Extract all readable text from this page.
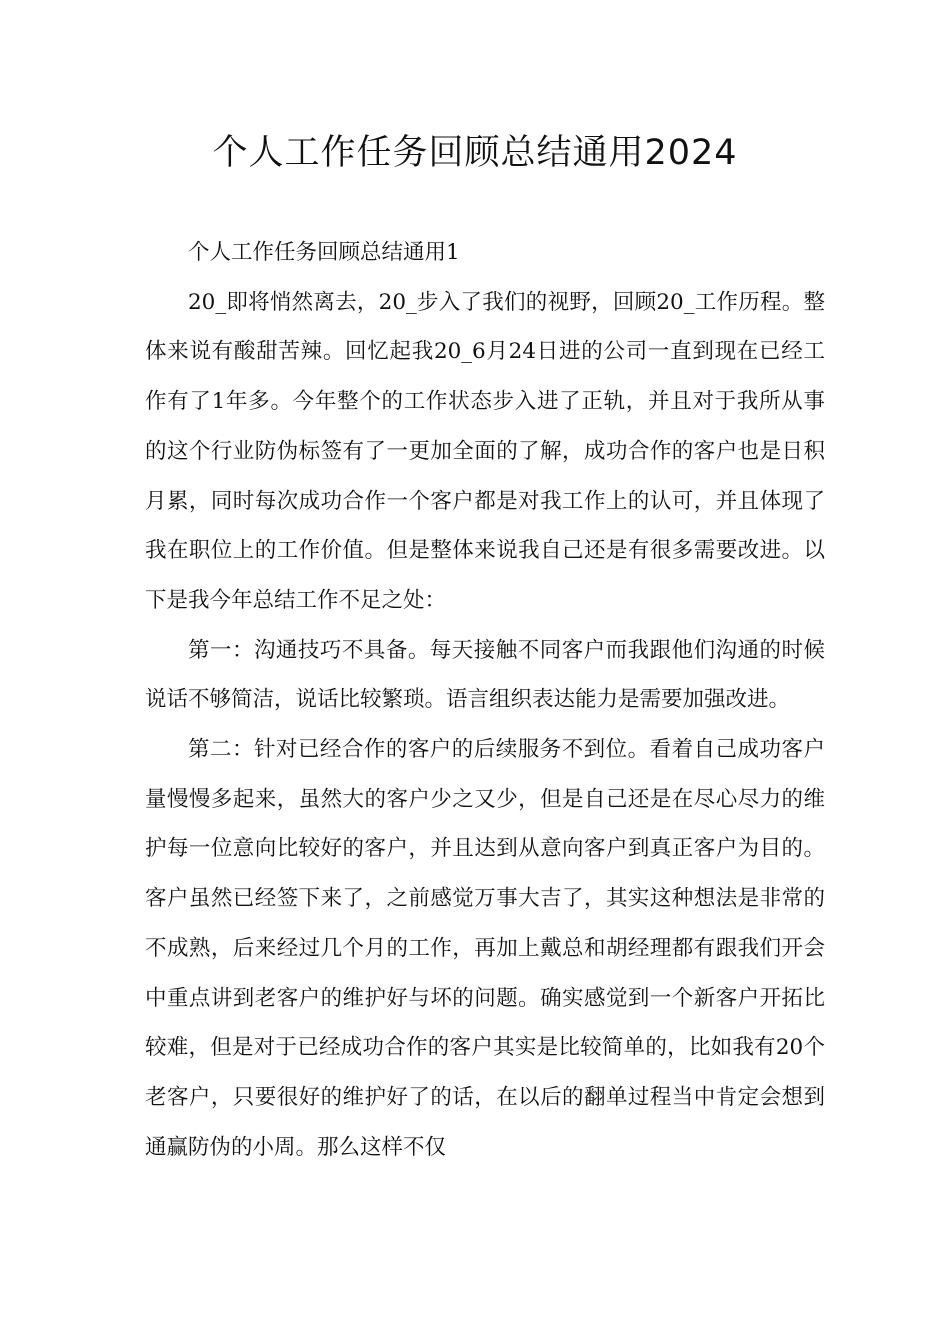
个人工作任务回顾总结通用2024

个人工作任务回顾总结通用1

20_即将悄然离去，20_步入了我们的视野，回顾20_工作历程。整体来说有酸甜苦辣。回忆起我20_6月24日进的公司一直到现在已经工作有了1年多。今年整个的工作状态步入进了正轨，并且对于我所从事的这个行业防伪标签有了一更加全面的了解，成功合作的客户也是日积月累，同时每次成功合作一个客户都是对我工作上的认可，并且体现了我在职位上的工作价值。但是整体来说我自己还是有很多需要改进。以下是我今年总结工作不足之处：

第一：沟通技巧不具备。每天接触不同客户而我跟他们沟通的时候说话不够简洁，说话比较繁琐。语言组织表达能力是需要加强改进。

第二：针对已经合作的客户的后续服务不到位。看着自己成功客户量慢慢多起来，虽然大的客户少之又少，但是自己还是在尽心尽力的维护每一位意向比较好的客户，并且达到从意向客户到真正客户为目的。客户虽然已经签下来了，之前感觉万事大吉了，其实这种想法是非常的不成熟，后来经过几个月的工作，再加上戴总和胡经理都有跟我们开会中重点讲到老客户的维护好与坏的问题。确实感觉到一个新客户开拓比较难，但是对于已经成功合作的客户其实是比较简单的，比如我有20个老客户，只要很好的维护好了的话，在以后的翻单过程当中肯定会想到通赢防伪的小周。那么这样不仅
